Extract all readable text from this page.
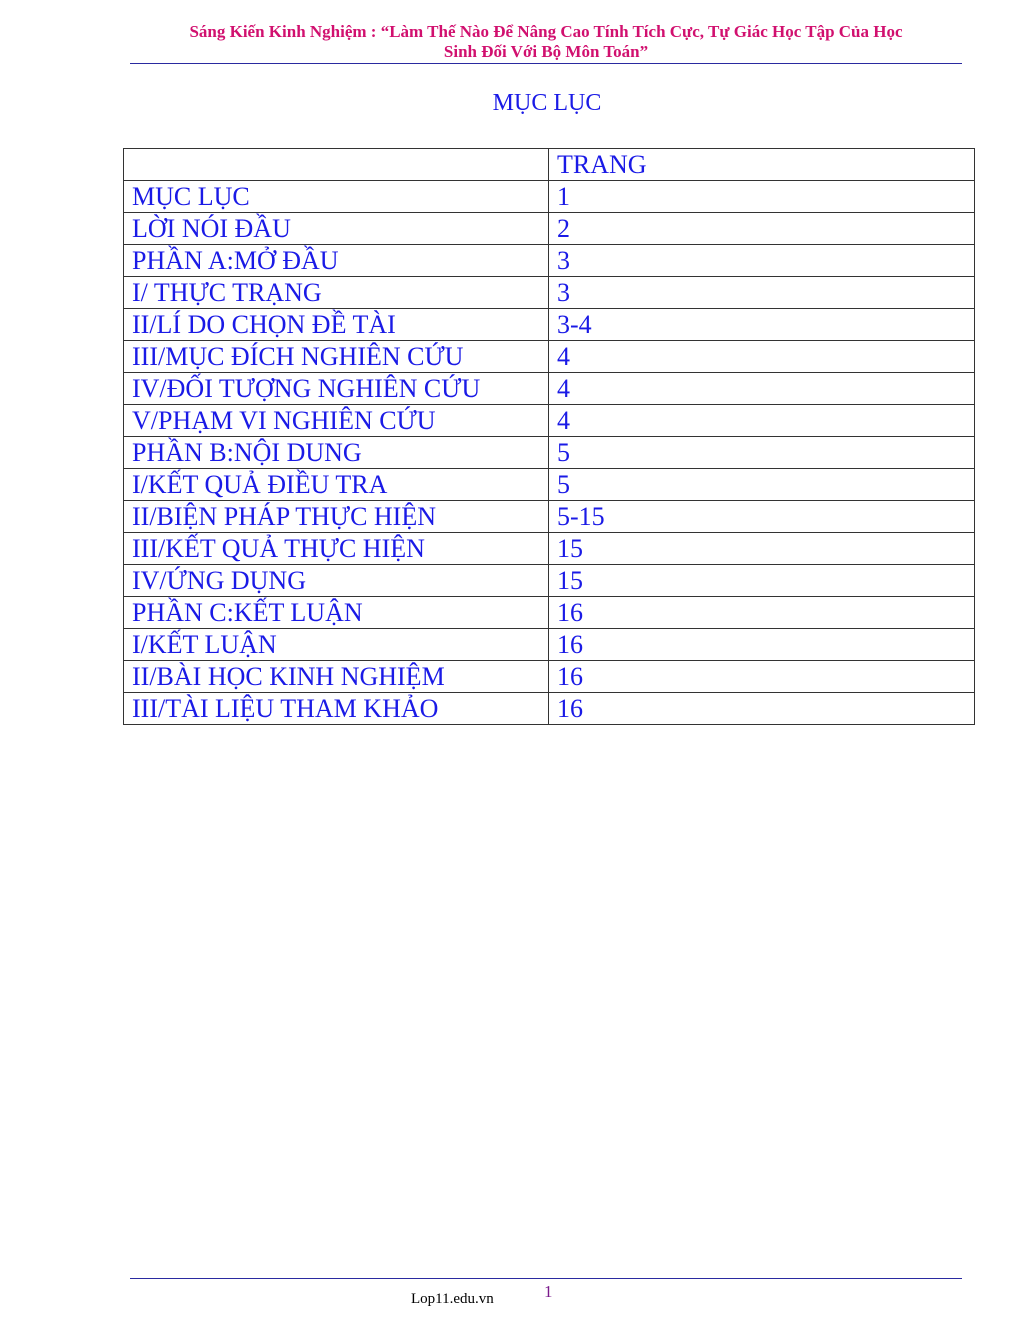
Sáng Kiến Kinh Nghiệm : “Làm Thế Nào Để Nâng Cao Tính Tích Cực, Tự Giác Học Tập Của Học
Sinh Đối Với Bộ Môn Toán”
MỤC LỤC
	TRANG
MỤC LỤC	1
LỜI NÓI ĐẦU	2
PHẦN A:MỞ ĐẦU	3
I/ THỰC TRẠNG	3
II/LÍ DO CHỌN ĐỀ TÀI	3-4
III/MỤC ĐÍCH NGHIÊN CỨU	4
IV/ĐỐI TƯỢNG NGHIÊN CỨU	4
V/PHẠM VI NGHIÊN CỨU	4
PHẦN B:NỘI DUNG	5
I/KẾT QUẢ ĐIỀU TRA	5
II/BIỆN PHÁP THỰC HIỆN	5-15
III/KẾT QUẢ THỰC HIỆN	15
IV/ỨNG DỤNG	15
PHẦN C:KẾT LUẬN	16
I/KẾT LUẬN	16
II/BÀI HỌC KINH NGHIỆM	16
III/TÀI LIỆU THAM KHẢO	16
Lop11.edu.vn	1
